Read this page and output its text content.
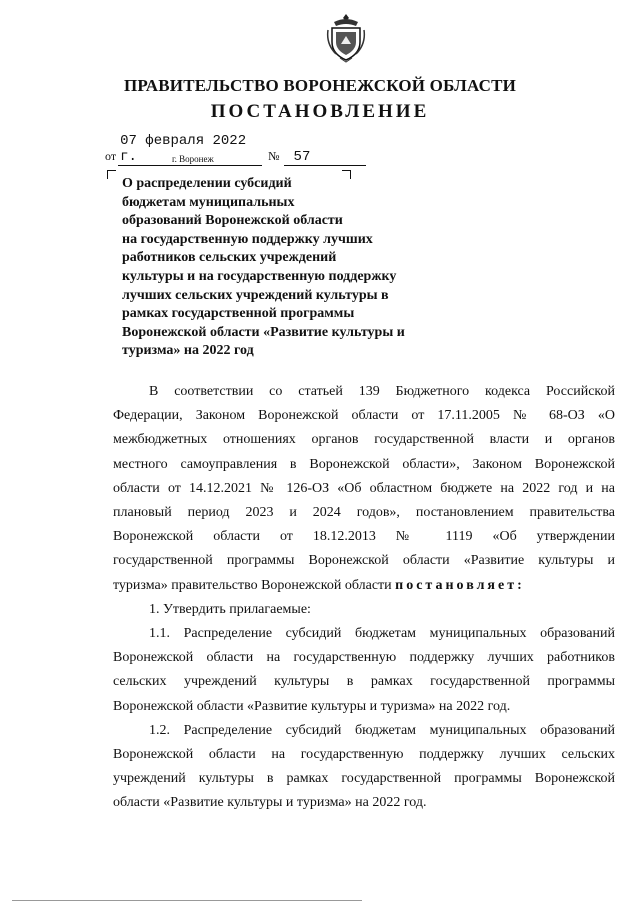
ПРАВИТЕЛЬСТВО ВОРОНЕЖСКОЙ ОБЛАСТИ
ПОСТАНОВЛЕНИЕ
от07 февраля 2022 г.	№ 57
г. Воронеж
О распределении субсидий
бюджетам муниципальных
образований Воронежской области
на государственную поддержку лучших
работников сельских учреждений
культуры и на государственную поддержку
лучших сельских учреждений культуры в
рамках государственной программы
Воронежской области «Развитие культуры и
туризма» на 2022 год
В соответствии со статьей 139 Бюджетного кодекса Российской
Федерации, Законом Воронежской области от 17.11.2005 № 68-ОЗ «О
межбюджетных отношениях органов государственной власти и органов
местного самоуправления в Воронежской области», Законом Воронежской
области от 14.12.2021 № 126-ОЗ «Об областном бюджете на 2022 год и на
плановый период 2023 и 2024 годов», постановлением правительства
Воронежской области от 18.12.2013 № 1119 «Об утверждении
государственной программы Воронежской области «Развитие культуры и
туризма» правительство Воронежской области постановляет:
1. Утвердить прилагаемые:
1.1. Распределение субсидий бюджетам муниципальных образований
Воронежской области на государственную поддержку лучших работников
сельских учреждений культуры в рамках государственной программы
Воронежской области «Развитие культуры и туризма» на 2022 год.
1.2. Распределение субсидий бюджетам муниципальных образований
Воронежской области на государственную поддержку лучших сельских
учреждений культуры в рамках государственной программы Воронежской
области «Развитие культуры и туризма» на 2022 год.
